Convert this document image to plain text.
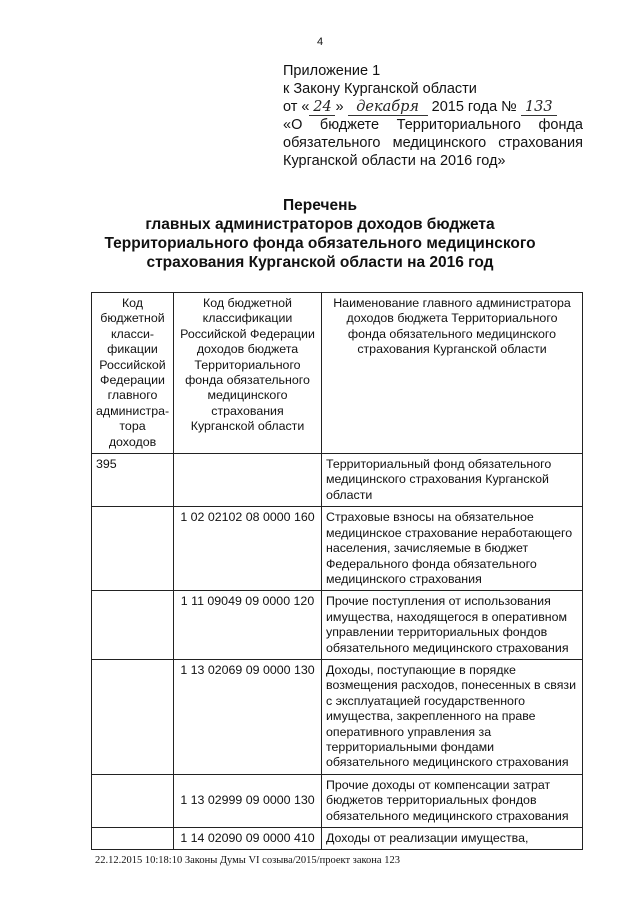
4
Приложение 1
к Закону Курганской области
от « 24 » декабря 2015 года № 133
«О бюджете Территориального фонда
обязательного медицинского страхования
Курганской области на 2016 год»
Перечень
главных администраторов доходов бюджета
Территориального фонда обязательного медицинского
страхования Курганской области на 2016 год
Код бюджетной класси-фикации Российской Федерации главного администра-тора доходов	Код бюджетной классификации Российской Федерации доходов бюджета Территориального фонда обязательного медицинского страхования Курганской области	Наименование главного администратора доходов бюджета Территориального фонда обязательного медицинского страхования Курганской области
395		Территориальный фонд обязательного медицинского страхования Курганской области
	1 02 02102 08 0000 160	Страховые взносы на обязательное медицинское страхование неработающего населения, зачисляемые в бюджет Федерального фонда обязательного медицинского страхования
	1 11 09049 09 0000 120	Прочие поступления от использования имущества, находящегося в оперативном управлении территориальных фондов обязательного медицинского страхования
	1 13 02069 09 0000 130	Доходы, поступающие в порядке возмещения расходов, понесенных в связи с эксплуатацией государственного имущества, закрепленного на праве оперативного управления за территориальными фондами обязательного медицинского страхования
	1 13 02999 09 0000 130	Прочие доходы от компенсации затрат бюджетов территориальных фондов обязательного медицинского страхования
	1 14 02090 09 0000 410	Доходы от реализации имущества,
22.12.2015 10:18:10 Законы Думы VI созыва/2015/проект закона 123
